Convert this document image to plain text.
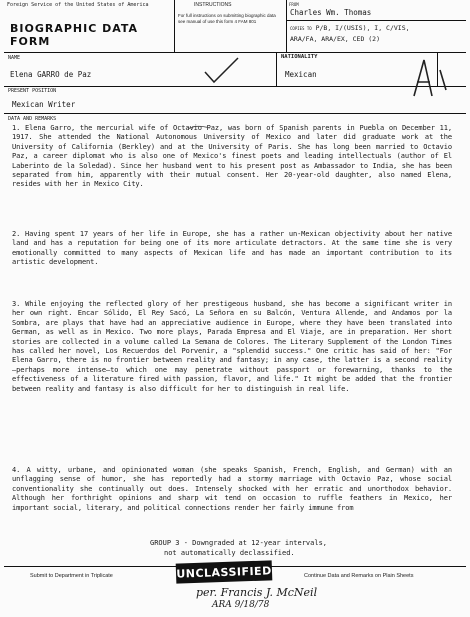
Foreign Service of the United States of America
BIOGRAPHIC DATA FORM
INSTRUCTIONS
For full instructions on submitting biographic data see manual of use this form 4 FAM 801
FROM
Charles Wm. Thomas
COPIES TO P/B, I/(USIS), I, C/VIS,
ARA/FA, ARA/EX, CED (2)
NAME
Elena GARRO de Paz
NATIONALITY
Mexican
PRESENT POSITION
Mexican Writer
DATA AND REMARKS
1. Elena Garro, the mercurial wife of Octavio Paz, was born of Spanish parents in Puebla on December 11, 1917. She attended the National Autonomous University of Mexico and later did graduate work at the University of California (Berkley) and at the University of Paris. She has long been married to Octavio Paz, a career diplomat who is also one of Mexico's finest poets and leading intellectuals (author of El Laberinto de la Soledad). Since her husband went to his present post as Ambassador to India, she has been separated from him, apparently with their mutual consent. Her 20-year-old daughter, also named Elena, resides with her in Mexico City.
2. Having spent 17 years of her life in Europe, she has a rather un-Mexican objectivity about her native land and has a reputation for being one of its more articulate detractors. At the same time she is very emotionally committed to many aspects of Mexican life and has made an important contribution to its artistic development.
3. While enjoying the reflected glory of her prestigeous husband, she has become a significant writer in her own right. Encar Sólido, El Rey Sacó, La Señora en su Balcón, Ventura Allende, and Andamos por la Sombra, are plays that have had an appreciative audience in Europe, where they have been translated into German, as well as in Mexico. Two more plays, Parada Empresa and El Viaje, are in preparation. Her short stories are collected in a volume called La Semana de Colores. The Literary Supplement of the London Times has called her novel, Los Recuerdos del Porvenir, a "splendid success." One critic has said of her: "For Elena Garro, there is no frontier between reality and fantasy; in any case, the latter is a second reality—perhaps more intense—to which one may penetrate without passport or forewarning, thanks to the effectiveness of a literature fired with passion, flavor, and life." It might be added that the frontier between reality and fantasy is also difficult for her to distinguish in real life.
4. A witty, urbane, and opinionated woman (she speaks Spanish, French, English, and German) with an unflagging sense of humor, she has reportedly had a stormy marriage with Octavio Paz, whose social conventionality she continually out does. Intensely shocked with her erratic and unorthodox behavior. Although her forthright opinions and sharp wit tend on occasion to ruffle feathers in Mexico, her important social, literary, and political connections render her fairly immune from
GROUP 3 - Downgraded at 12-year intervals,
not automatically declassified.
Submit to Department in Triplicate	Continue Data and Remarks on Plain Sheets
UNCLASSIFIED
per. Francis J. McNeil
ARA 9/18/78
